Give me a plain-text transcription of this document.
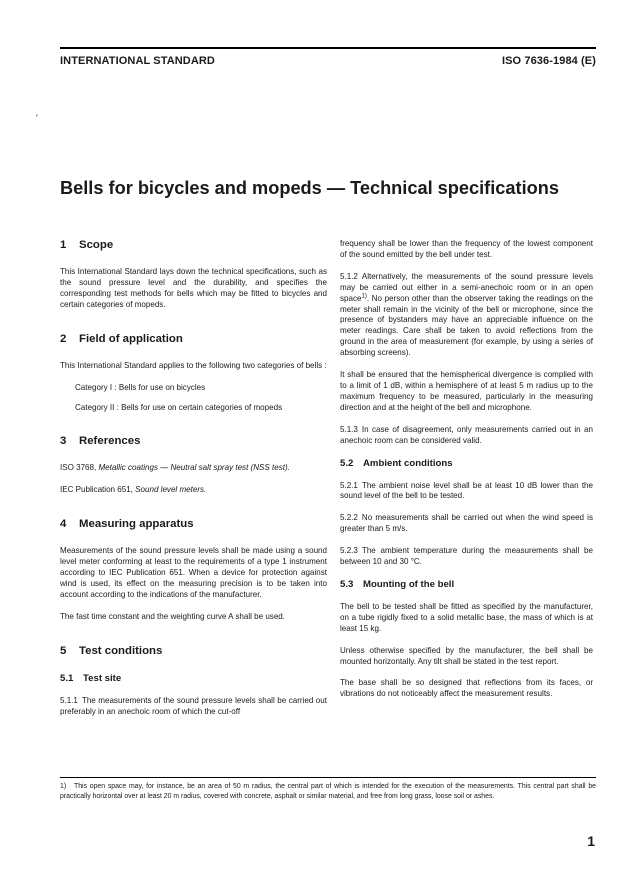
INTERNATIONAL STANDARD	ISO 7636-1984 (E)
'
Bells for bicycles and mopeds — Technical specifications
1 Scope

This International Standard lays down the technical specifications, such as the sound pressure level and the durability, and specifies the corresponding test methods for bells which may be fitted to bicycles and certain categories of mopeds.

2 Field of application

This International Standard applies to the following two categories of bells :

Category I : Bells for use on bicycles

Category II : Bells for use on certain categories of mopeds

3 References

ISO 3768, Metallic coatings — Neutral salt spray test (NSS test).

IEC Publication 651, Sound level meters.

4 Measuring apparatus

Measurements of the sound pressure levels shall be made using a sound level meter conforming at least to the requirements of a type 1 instrument according to IEC Publication 651. When a device for protection against wind is used, its effect on the measuring precision is to be taken into account according to the indications of the manufacturer.

The fast time constant and the weighting curve A shall be used.

5 Test conditions
5.1 Test site

5.1.1 The measurements of the sound pressure levels shall be carried out preferably in an anechoic room of which the cut-off

frequency shall be lower than the frequency of the lowest component of the sound emitted by the bell under test.

5.1.2 Alternatively, the measurements of the sound pressure levels may be carried out either in a semi-anechoic room or in an open space$^{1)}$. No person other than the observer taking the readings on the meter shall remain in the vicinity of the bell or microphone, since the presence of bystanders may have an appreciable influence on the meter readings. Care shall be taken to avoid reflections from the ground in the area of measurement (for example, by using a series of absorbing screens).

It shall be ensured that the hemispherical divergence is complied with to a limit of 1 dB, within a hemisphere of at least 5 m radius up to the maximum frequency to be measured, particularly in the measuring direction and at the height of the bell and microphone.

5.1.3 In case of disagreement, only measurements carried out in an anechoic room can be considered valid.

5.2 Ambient conditions

5.2.1 The ambient noise level shall be at least 10 dB lower than the sound level of the bell to be tested.

5.2.2 No measurements shall be carried out when the wind speed is greater than 5 m/s.

5.2.3 The ambient temperature during the measurements shall be between 10 and 30 °C.

5.3 Mounting of the bell

The bell to be tested shall be fitted as specified by the manufacturer, on a tube rigidly fixed to a solid metallic base, the mass of which is at least 15 kg.

Unless otherwise specified by the manufacturer, the bell shall be mounted horizontally. Any tilt shall be stated in the test report.

The base shall be so designed that reflections from its faces, or vibrations do not noticeably affect the measurement results.

1) This open space may, for instance, be an area of 50 m radius, the central part of which is intended for the execution of the measurements. This central part shall be practically horizontal over at least 20 m radius, covered with concrete, asphalt or similar material, and free from long grass, loose soil or ashes.
1
